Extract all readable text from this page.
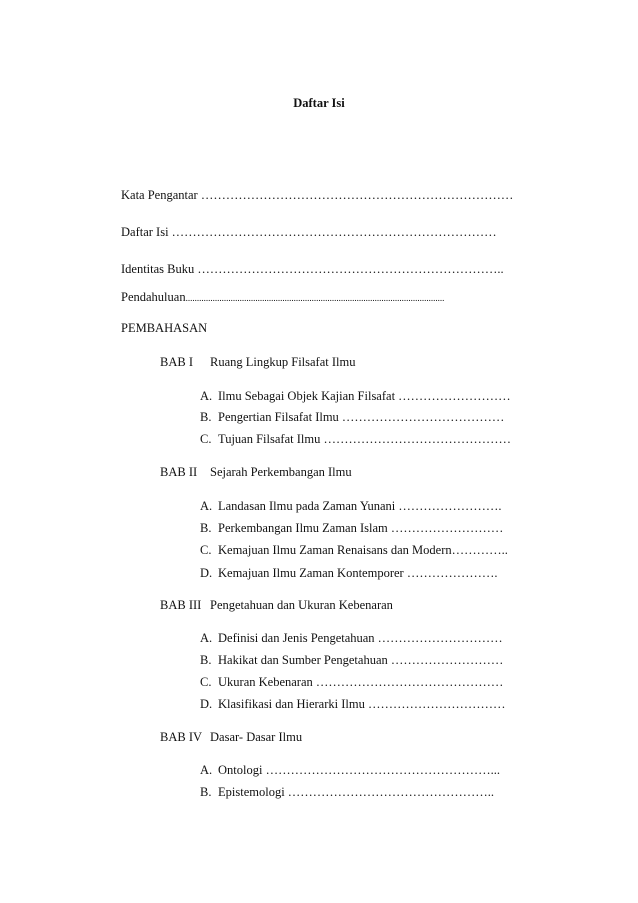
Daftar Isi
Kata Pengantar …………………………………………………………………
Daftar Isi ……………………………………………………………………
Identitas Buku ………………………………………………………………..
Pendahuluan...................................................................................................................
PEMBAHASAN
BAB I Ruang Lingkup Filsafat Ilmu
A. Ilmu Sebagai Objek Kajian Filsafat ………………………
B. Pengertian Filsafat Ilmu …………………………………
C. Tujuan Filsafat Ilmu ………………………………………
BAB II Sejarah Perkembangan Ilmu
A. Landasan Ilmu pada Zaman Yunani …………………….
B. Perkembangan Ilmu Zaman Islam ………………………
C. Kemajuan Ilmu Zaman Renaisans dan Modern…………..
D. Kemajuan Ilmu Zaman Kontemporer ………………….
BAB III Pengetahuan dan Ukuran Kebenaran
A. Definisi dan Jenis Pengetahuan …………………………
B. Hakikat dan Sumber Pengetahuan ………………………
C. Ukuran Kebenaran ………………………………………
D. Klasifikasi dan Hierarki Ilmu ……………………………
BAB IV Dasar- Dasar Ilmu
A. Ontologi ………………………………………………...
B. Epistemologi …………………………………………..
